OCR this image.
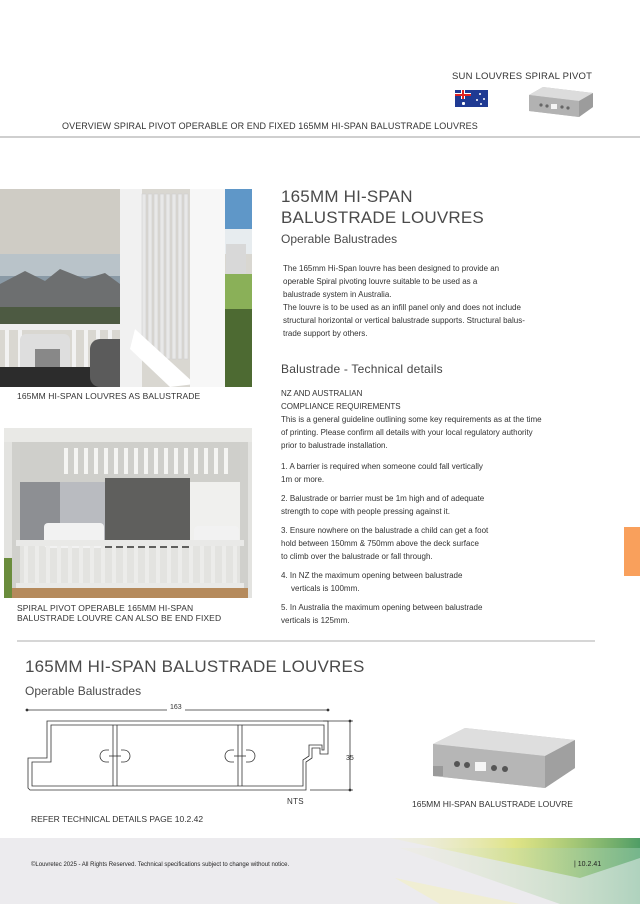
SUN LOUVRES SPIRAL PIVOT
OVERVIEW SPIRAL PIVOT OPERABLE OR END FIXED 165MM HI-SPAN BALUSTRADE LOUVRES
165MM HI-SPAN LOUVRES AS BALUSTRADE
SPIRAL PIVOT OPERABLE 165MM HI-SPAN
BALUSTRADE LOUVRE CAN ALSO BE END FIXED
165MM HI-SPAN
BALUSTRADE LOUVRES
Operable Balustrades
The 165mm Hi-Span louvre has been designed to provide an
operable Spiral pivoting louvre suitable to be used as a
balustrade system in Australia.
The louvre is to be used as an infill panel only and does not include
structural horizontal or vertical balustrade supports. Structural balus-
trade support by others.
Balustrade - Technical details
NZ AND AUSTRALIAN
COMPLIANCE REQUIREMENTS
This is a general guideline outlining some key requirements as at the time
of printing. Please confirm all details with your local regulatory authority
prior to balustrade installation.
1. A barrier is required when someone could fall vertically
1m or more.
2. Balustrade or barrier must be 1m high and of adequate
strength to cope with people pressing against it.
3. Ensure nowhere on the balustrade a child can get a foot
hold between 150mm & 750mm above the deck surface
to climb over the balustrade or fall through.
4. In NZ the maximum opening between balustrade
verticals is 100mm.
5. In Australia the maximum opening between balustrade
verticals is 125mm.
165MM HI-SPAN BALUSTRADE LOUVRES
Operable Balustrades
163
35
NTS
REFER TECHNICAL DETAILS PAGE 10.2.42
165MM HI-SPAN BALUSTRADE LOUVRE
©Louvretec 2025 - All Rights Reserved. Technical specifications subject to change without notice.	| 10.2.41
